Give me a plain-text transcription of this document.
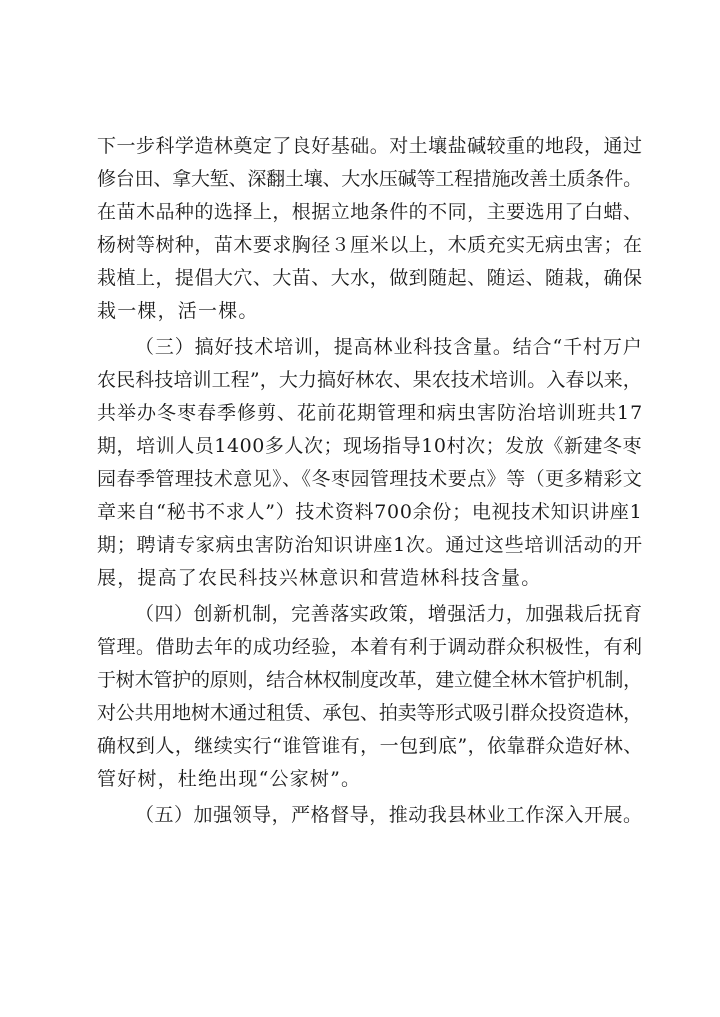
下一步科学造林奠定了良好基础。对土壤盐碱较重的地段，通过
修台田、拿大堑、深翻土壤、大水压碱等工程措施改善土质条件。
在苗木品种的选择上，根据立地条件的不同，主要选用了白蜡、
杨树等树种，苗木要求胸径３厘米以上，木质充实无病虫害；在
栽植上，提倡大穴、大苗、大水，做到随起、随运、随栽，确保
栽一棵，活一棵。
（三）搞好技术培训，提高林业科技含量。结合“千村万户
农民科技培训工程”，大力搞好林农、果农技术培训。入春以来，
共举办冬枣春季修剪、花前花期管理和病虫害防治培训班共17
期，培训人员1400多人次；现场指导10村次；发放《新建冬枣
园春季管理技术意见》、《冬枣园管理技术要点》等（更多精彩文
章来自“秘书不求人”）技术资料700余份；电视技术知识讲座1
期；聘请专家病虫害防治知识讲座1次。通过这些培训活动的开
展，提高了农民科技兴林意识和营造林科技含量。
（四）创新机制，完善落实政策，增强活力，加强栽后抚育
管理。借助去年的成功经验，本着有利于调动群众积极性，有利
于树木管护的原则，结合林权制度改革，建立健全林木管护机制，
对公共用地树木通过租赁、承包、拍卖等形式吸引群众投资造林，
确权到人，继续实行“谁管谁有，一包到底”，依靠群众造好林、
管好树，杜绝出现“公家树”。
（五）加强领导，严格督导，推动我县林业工作深入开展。
